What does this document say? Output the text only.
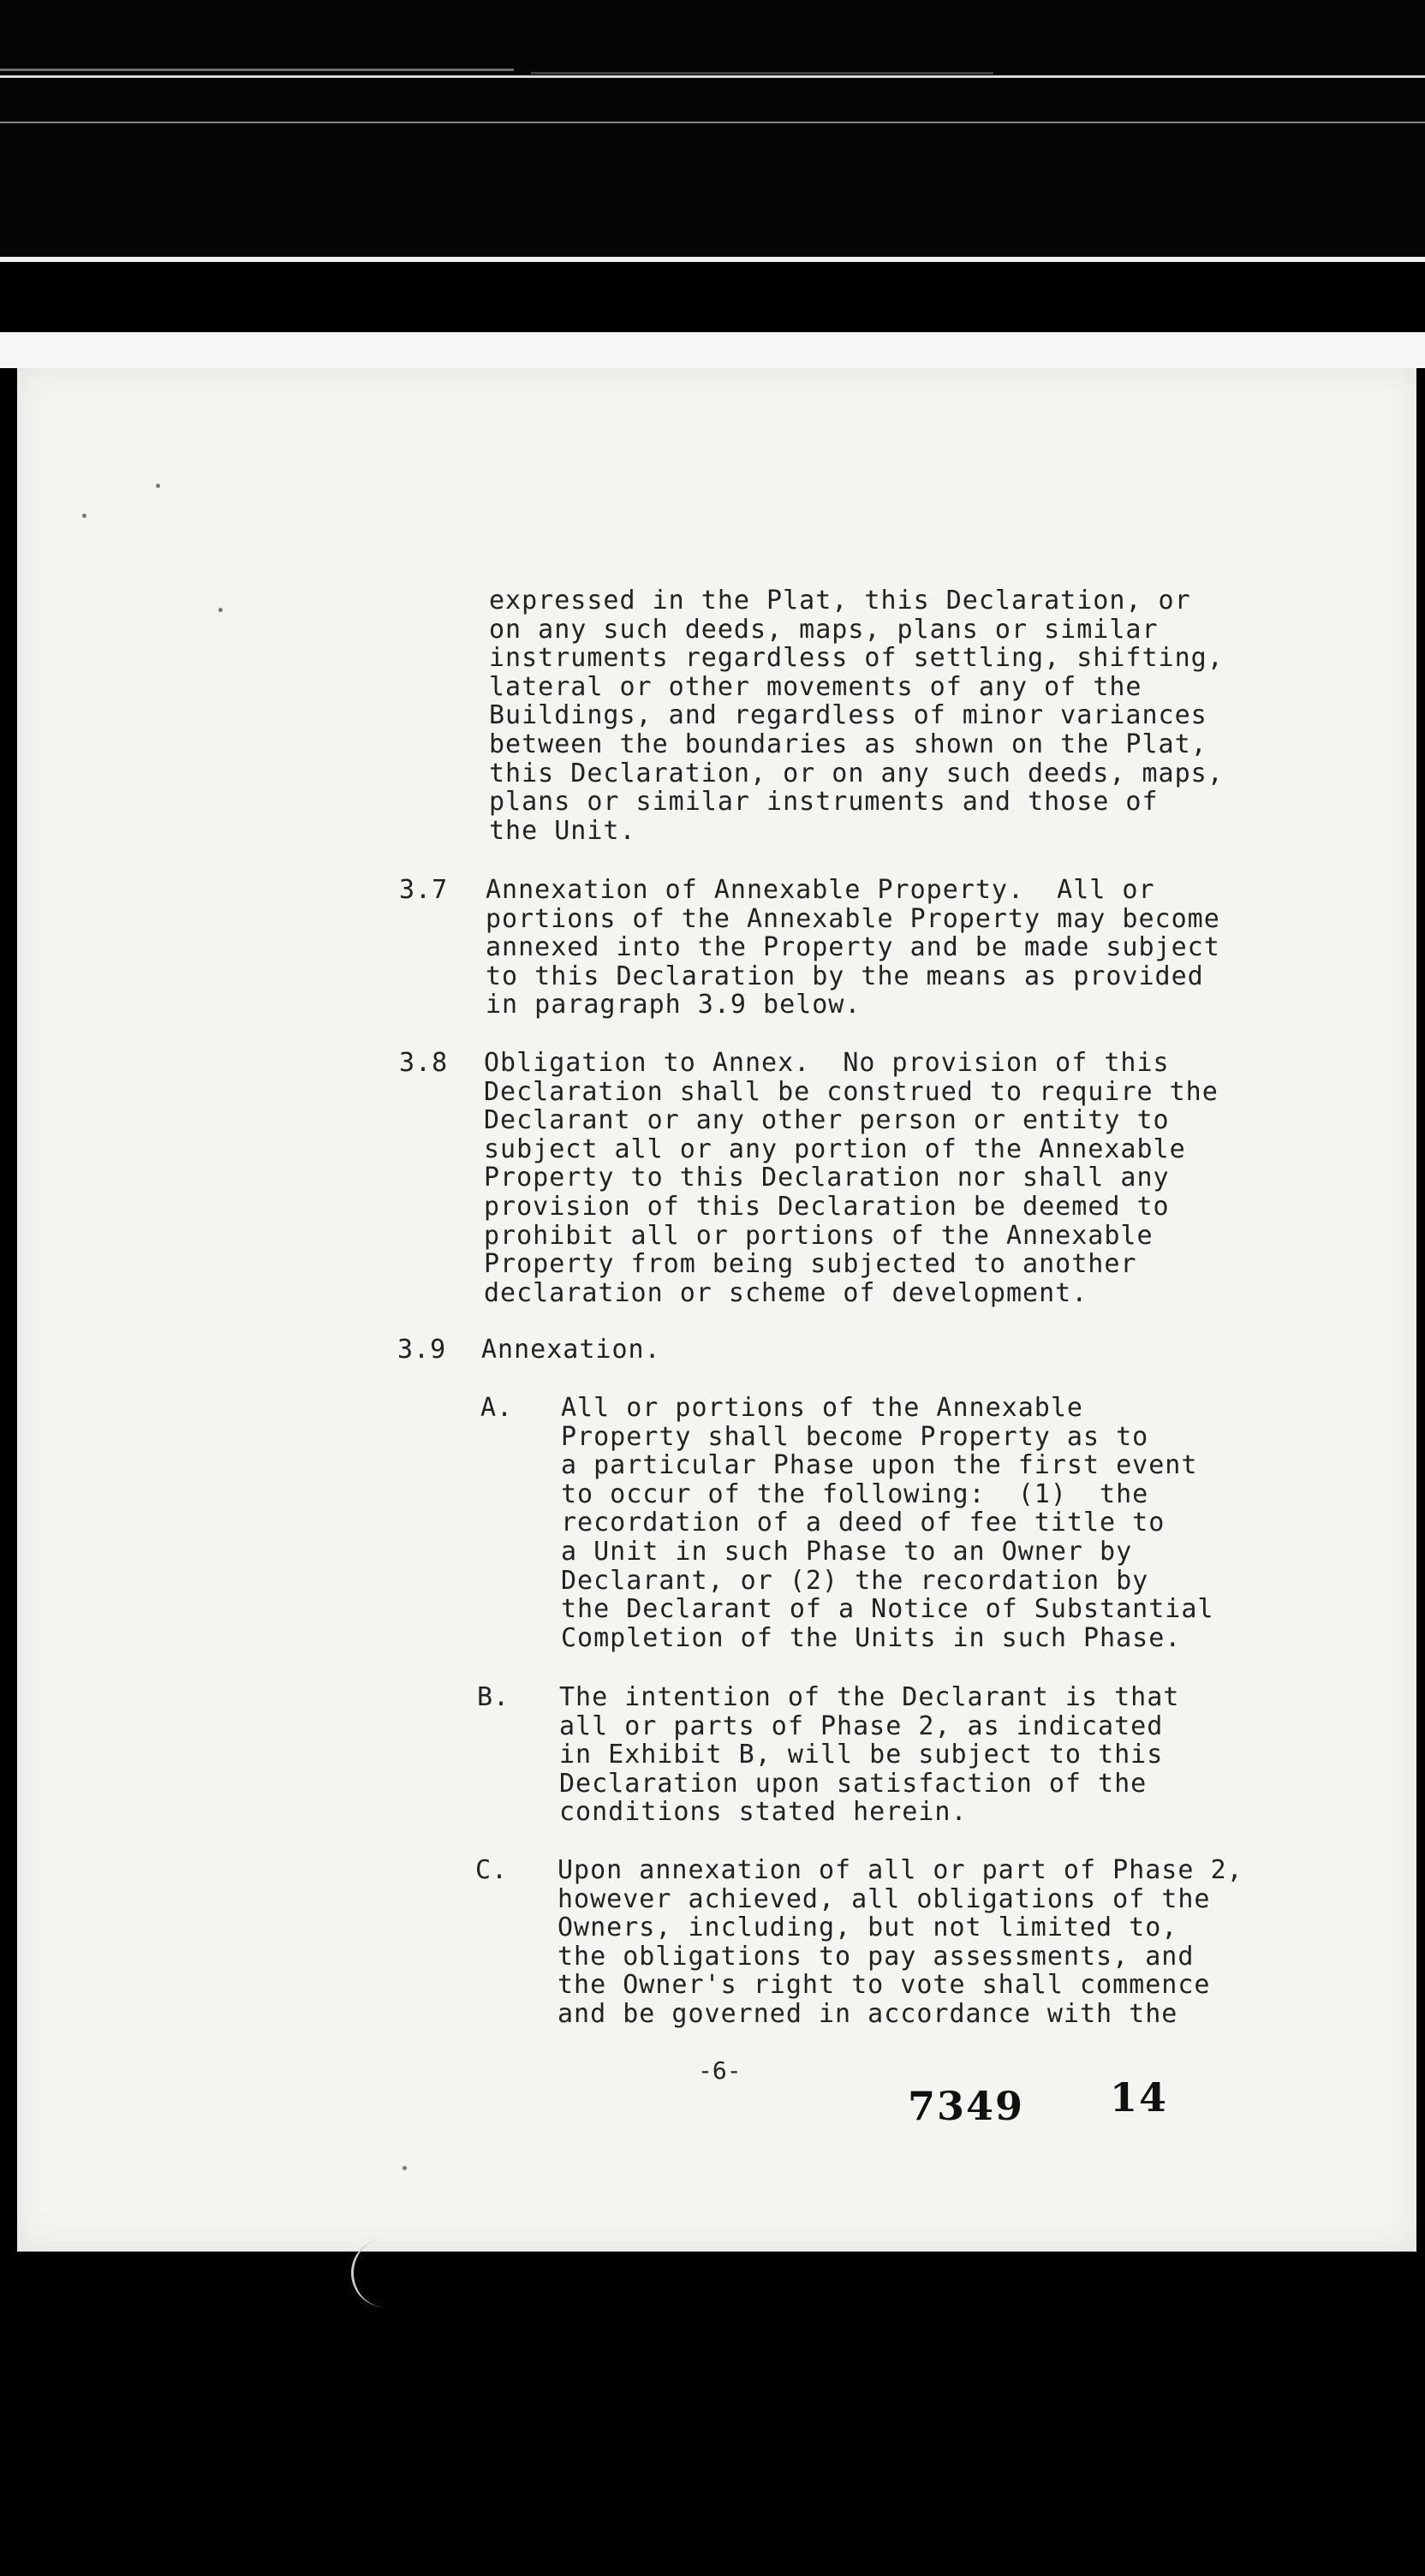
expressed in the Plat, this Declaration, or
on any such deeds, maps, plans or similar
instruments regardless of settling, shifting,
lateral or other movements of any of the
Buildings, and regardless of minor variances
between the boundaries as shown on the Plat,
this Declaration, or on any such deeds, maps,
plans or similar instruments and those of
the Unit.
3.7 Annexation of Annexable Property.  All or
portions of the Annexable Property may become
annexed into the Property and be made subject
to this Declaration by the means as provided
in paragraph 3.9 below.
3.8 Obligation to Annex.  No provision of this
Declaration shall be construed to require the
Declarant or any other person or entity to
subject all or any portion of the Annexable
Property to this Declaration nor shall any
provision of this Declaration be deemed to
prohibit all or portions of the Annexable
Property from being subjected to another
declaration or scheme of development.
3.9 Annexation.
A. All or portions of the Annexable
Property shall become Property as to
a particular Phase upon the first event
to occur of the following:  (1)  the
recordation of a deed of fee title to
a Unit in such Phase to an Owner by
Declarant, or (2) the recordation by
the Declarant of a Notice of Substantial
Completion of the Units in such Phase.
B. The intention of the Declarant is that
all or parts of Phase 2, as indicated
in Exhibit B, will be subject to this
Declaration upon satisfaction of the
conditions stated herein.
C. Upon annexation of all or part of Phase 2,
however achieved, all obligations of the
Owners, including, but not limited to,
the obligations to pay assessments, and
the Owner's right to vote shall commence
and be governed in accordance with the
-6-
7349 14
